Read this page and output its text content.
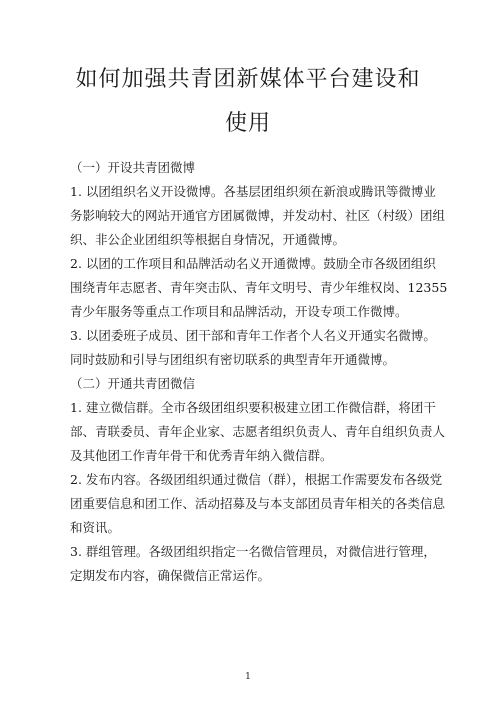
如何加强共青团新媒体平台建设和
使用
（一）开设共青团微博
1. 以团组织名义开设微博。各基层团组织须在新浪或腾讯等微博业
务影响较大的网站开通官方团属微博，并发动村、社区（村级）团组
织、非公企业团组织等根据自身情况，开通微博。
2. 以团的工作项目和品牌活动名义开通微博。鼓励全市各级团组织
围绕青年志愿者、青年突击队、青年文明号、青少年维权岗、12355
青少年服务等重点工作项目和品牌活动，开设专项工作微博。
3. 以团委班子成员、团干部和青年工作者个人名义开通实名微博。
同时鼓励和引导与团组织有密切联系的典型青年开通微博。
（二）开通共青团微信
1. 建立微信群。全市各级团组织要积极建立团工作微信群，将团干
部、青联委员、青年企业家、志愿者组织负责人、青年自组织负责人
及其他团工作青年骨干和优秀青年纳入微信群。
2. 发布内容。各级团组织通过微信（群），根据工作需要发布各级党
团重要信息和团工作、活动招募及与本支部团员青年相关的各类信息
和资讯。
3. 群组管理。各级团组织指定一名微信管理员，对微信进行管理，
定期发布内容，确保微信正常运作。
1
